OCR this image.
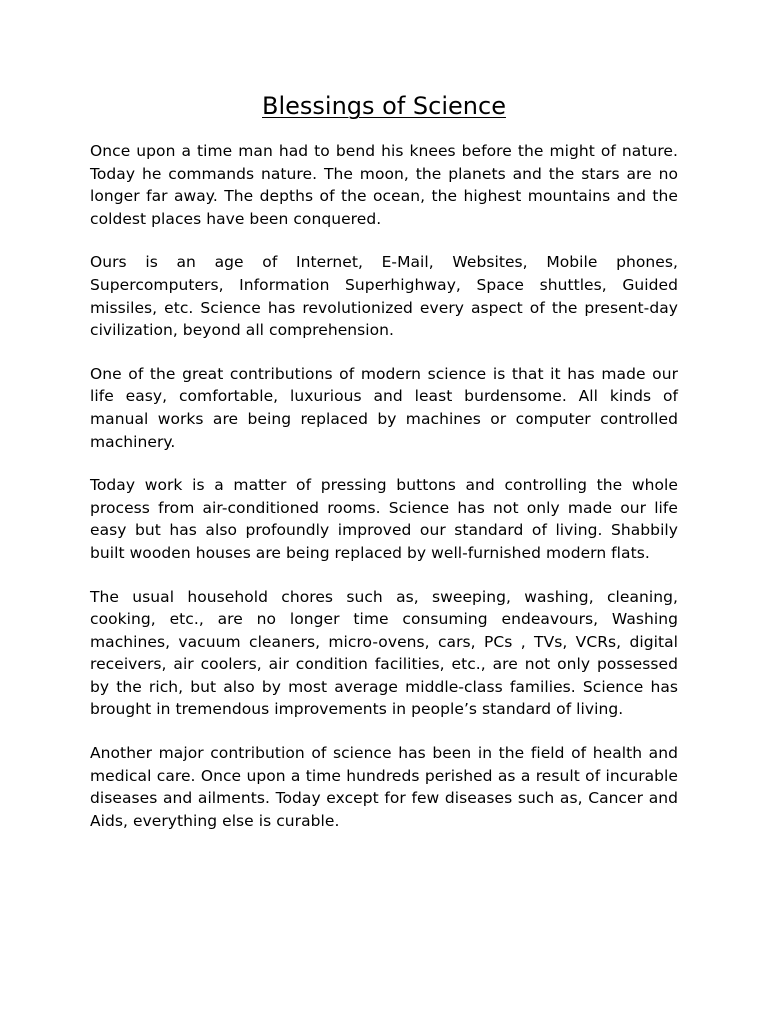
Blessings of Science

Once upon a time man had to bend his knees before the might of nature. Today he commands nature. The moon, the planets and the stars are no longer far away. The depths of the ocean, the highest mountains and the coldest places have been conquered.

Ours is an age of Internet, E-Mail, Websites, Mobile phones, Supercomputers, Information Superhighway, Space shuttles, Guided missiles, etc. Science has revolutionized every aspect of the present-day civilization, beyond all comprehension.

One of the great contributions of modern science is that it has made our life easy, comfortable, luxurious and least burdensome. All kinds of manual works are being replaced by machines or computer controlled machinery.

Today work is a matter of pressing buttons and controlling the whole process from air-conditioned rooms. Science has not only made our life easy but has also profoundly improved our standard of living. Shabbily built wooden houses are being replaced by well-furnished modern flats.

The usual household chores such as, sweeping, washing, cleaning, cooking, etc., are no longer time consuming endeavours, Washing machines, vacuum cleaners, micro-ovens, cars, PCs , TVs, VCRs, digital receivers, air coolers, air condition facilities, etc., are not only possessed by the rich, but also by most average middle-class families. Science has brought in tremendous improvements in people’s standard of living.

Another major contribution of science has been in the field of health and medical care. Once upon a time hundreds perished as a result of incurable diseases and ailments. Today except for few diseases such as, Cancer and Aids, everything else is curable.
